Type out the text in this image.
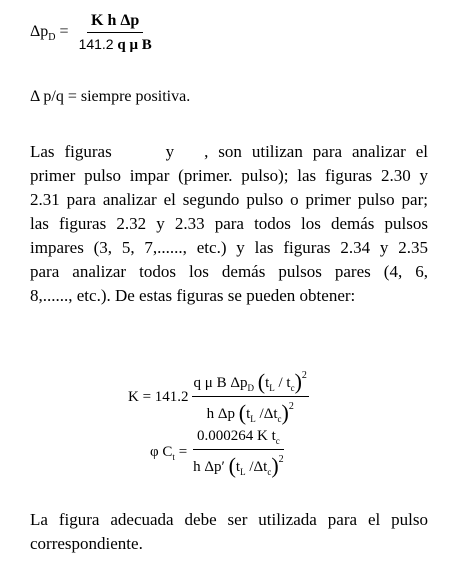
$\Delta p_D = \frac{\text{K h Δp}}{\text{141.2 q μ B}}$
Δ p/q = siempre positiva.
Las figuras	y , son utilizan para analizar el
primer pulso impar (primer. pulso); las figuras 2.30 y
2.31 para analizar el segundo pulso o primer pulso par;
las figuras 2.32 y 2.33 para todos los demás pulsos
impares (3, 5, 7,......, etc.) y las figuras 2.34 y 2.35
para analizar todos los demás pulsos pares (4, 6,
8,......, etc.). De estas figuras se pueden obtener:
$K = 141.2 \frac{q \mu B \Delta p_D (t_L / t_c)^2}{h \Delta p (t_L /\Delta t_c)^2}$
φ $C_t = \frac{0.000264 K t_c}{h \Delta p' (t_L /\Delta t_c)^2}$
La figura adecuada debe ser utilizada para el pulso
correspondiente.
